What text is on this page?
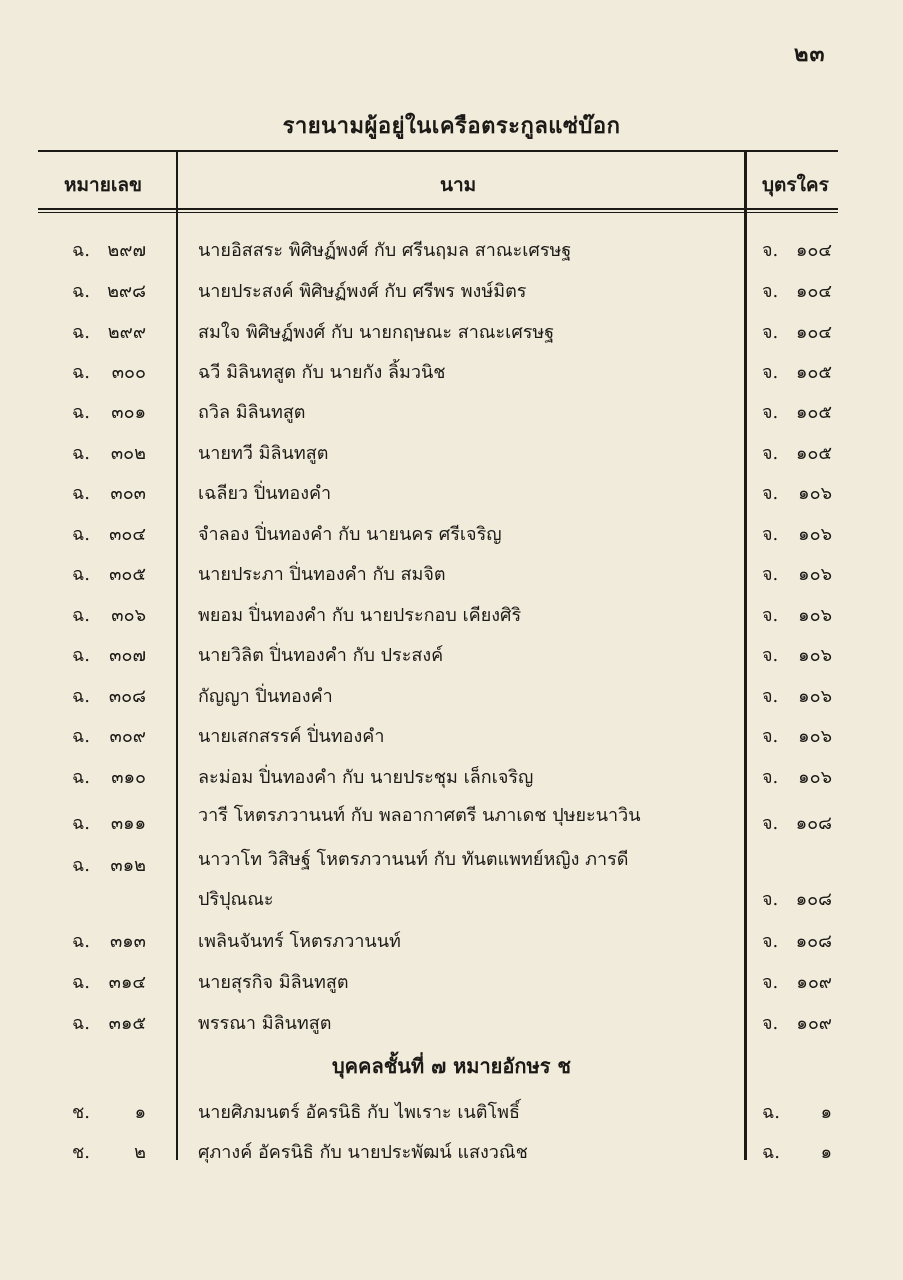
๒๓
รายนามผู้อยู่ในเครือตระกูลแซ่บ๊อก
หมายเลข	นาม	บุตรใคร
ฉ. ๒๙๗	นายอิสสระ พิศิษฏ์พงศ์ กับ ศรีนฤมล สาณะเศรษฐ	จ. ๑๐๔
ฉ. ๒๙๘	นายประสงค์ พิศิษฏ์พงศ์ กับ ศรีพร พงษ์มิตร	จ. ๑๐๔
ฉ. ๒๙๙	สมใจ พิศิษฏ์พงศ์ กับ นายกฤษณะ สาณะเศรษฐ	จ. ๑๐๔
ฉ. ๓๐๐	ฉวี มิลินทสูต กับ นายกัง ลิ้มวนิช	จ. ๑๐๕
ฉ. ๓๐๑	ถวิล มิลินทสูต	จ. ๑๐๕
ฉ. ๓๐๒	นายทวี มิลินทสูต	จ. ๑๐๕
ฉ. ๓๐๓	เฉลียว ปิ่นทองคำ	จ. ๑๐๖
ฉ. ๓๐๔	จำลอง ปิ่นทองคำ กับ นายนคร ศรีเจริญ	จ. ๑๐๖
ฉ. ๓๐๕	นายประภา ปิ่นทองคำ กับ สมจิต	จ. ๑๐๖
ฉ. ๓๐๖	พยอม ปิ่นทองคำ กับ นายประกอบ เคียงศิริ	จ. ๑๐๖
ฉ. ๓๐๗	นายวิลิต ปิ่นทองคำ กับ ประสงค์	จ. ๑๐๖
ฉ. ๓๐๘	กัญญา ปิ่นทองคำ	จ. ๑๐๖
ฉ. ๓๐๙	นายเสกสรรค์ ปิ่นทองคำ	จ. ๑๐๖
ฉ. ๓๑๐	ละม่อม ปิ่นทองคำ กับ นายประชุม เล็กเจริญ	จ. ๑๐๖
ฉ. ๓๑๑	วารี โหตรภวานนท์ กับ พลอากาศตรี นภาเดช ปุษยะนาวิน	จ. ๑๐๘
ฉ. ๓๑๒	นาวาโท วิสิษฐ์ โหตรภวานนท์ กับ ทันตแพทย์หญิง ภารดี
ปริปุณณะ	จ. ๑๐๘
ฉ. ๓๑๓	เพลินจันทร์ โหตรภวานนท์	จ. ๑๐๘
ฉ. ๓๑๔	นายสุรกิจ มิลินทสูต	จ. ๑๐๙
ฉ. ๓๑๕	พรรณา มิลินทสูต	จ. ๑๐๙
บุคคลชั้นที่ ๗ หมายอักษร ช
ช. ๑	นายศิภมนตร์ อัครนิธิ กับ ไพเราะ เนติโพธิ์	ฉ. ๑
ช. ๒	ศุภางค์ อัครนิธิ กับ นายประพัฒน์ แสงวณิช	ฉ. ๑
